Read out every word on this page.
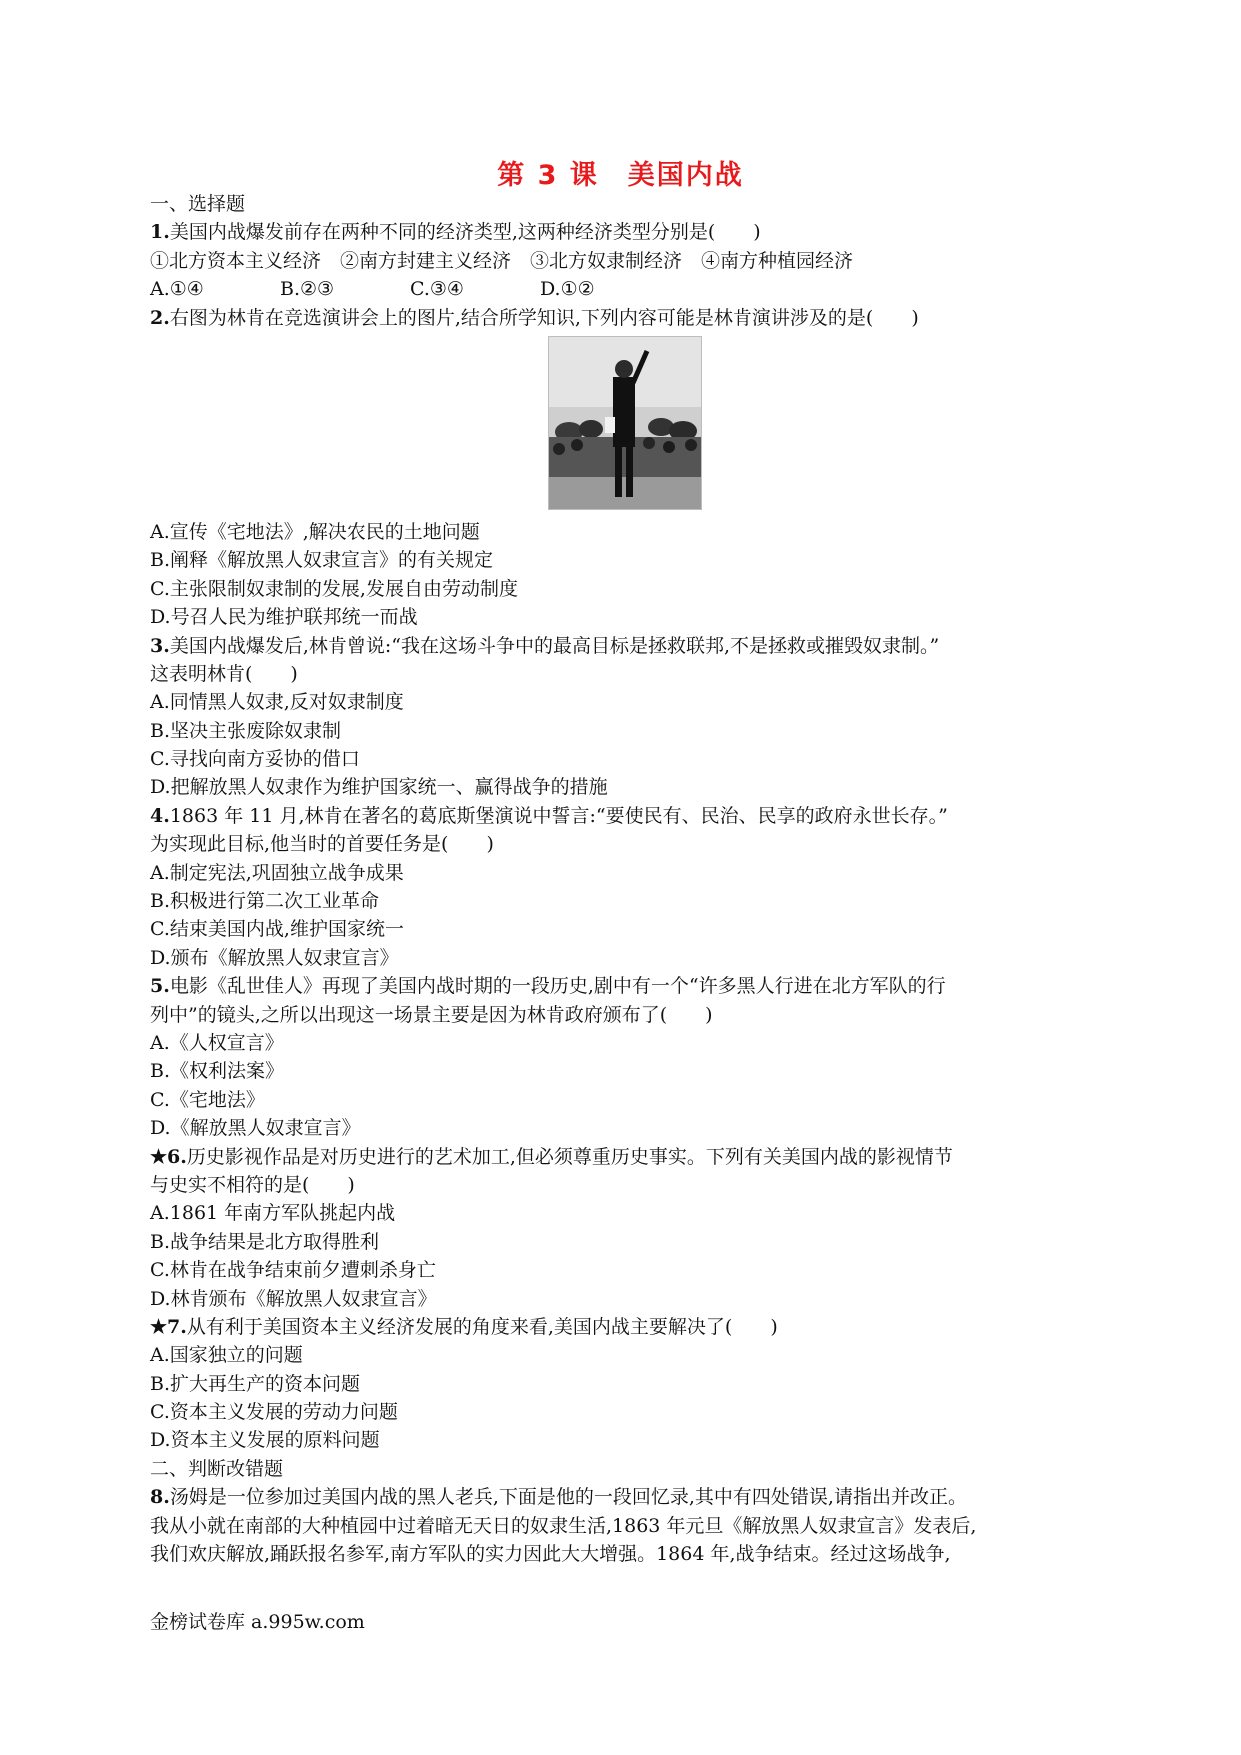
第 3 课　美国内战
一、选择题
1.美国内战爆发前存在两种不同的经济类型,这两种经济类型分别是(　　)
①北方资本主义经济　②南方封建主义经济　③北方奴隶制经济　④南方种植园经济
A.①④	B.②③	C.③④	D.①②
2.右图为林肯在竞选演讲会上的图片,结合所学知识,下列内容可能是林肯演讲涉及的是(　　)
A.宣传《宅地法》,解决农民的土地问题
B.阐释《解放黑人奴隶宣言》的有关规定
C.主张限制奴隶制的发展,发展自由劳动制度
D.号召人民为维护联邦统一而战
3.美国内战爆发后,林肯曾说:“我在这场斗争中的最高目标是拯救联邦,不是拯救或摧毁奴隶制。”
这表明林肯(　　)
A.同情黑人奴隶,反对奴隶制度
B.坚决主张废除奴隶制
C.寻找向南方妥协的借口
D.把解放黑人奴隶作为维护国家统一、赢得战争的措施
4.1863 年 11 月,林肯在著名的葛底斯堡演说中誓言:“要使民有、民治、民享的政府永世长存。”
为实现此目标,他当时的首要任务是(　　)
A.制定宪法,巩固独立战争成果
B.积极进行第二次工业革命
C.结束美国内战,维护国家统一
D.颁布《解放黑人奴隶宣言》
5.电影《乱世佳人》再现了美国内战时期的一段历史,剧中有一个“许多黑人行进在北方军队的行
列中”的镜头,之所以出现这一场景主要是因为林肯政府颁布了(　　)
A.《人权宣言》
B.《权利法案》
C.《宅地法》
D.《解放黑人奴隶宣言》
★6.历史影视作品是对历史进行的艺术加工,但必须尊重历史事实。下列有关美国内战的影视情节
与史实不相符的是(　　)
A.1861 年南方军队挑起内战
B.战争结果是北方取得胜利
C.林肯在战争结束前夕遭刺杀身亡
D.林肯颁布《解放黑人奴隶宣言》
★7.从有利于美国资本主义经济发展的角度来看,美国内战主要解决了(　　)
A.国家独立的问题
B.扩大再生产的资本问题
C.资本主义发展的劳动力问题
D.资本主义发展的原料问题
二、判断改错题
8.汤姆是一位参加过美国内战的黑人老兵,下面是他的一段回忆录,其中有四处错误,请指出并改正。
我从小就在南部的大种植园中过着暗无天日的奴隶生活,1863 年元旦《解放黑人奴隶宣言》发表后,
我们欢庆解放,踊跃报名参军,南方军队的实力因此大大增强。1864 年,战争结束。经过这场战争,
金榜试卷库 a.995w.com
